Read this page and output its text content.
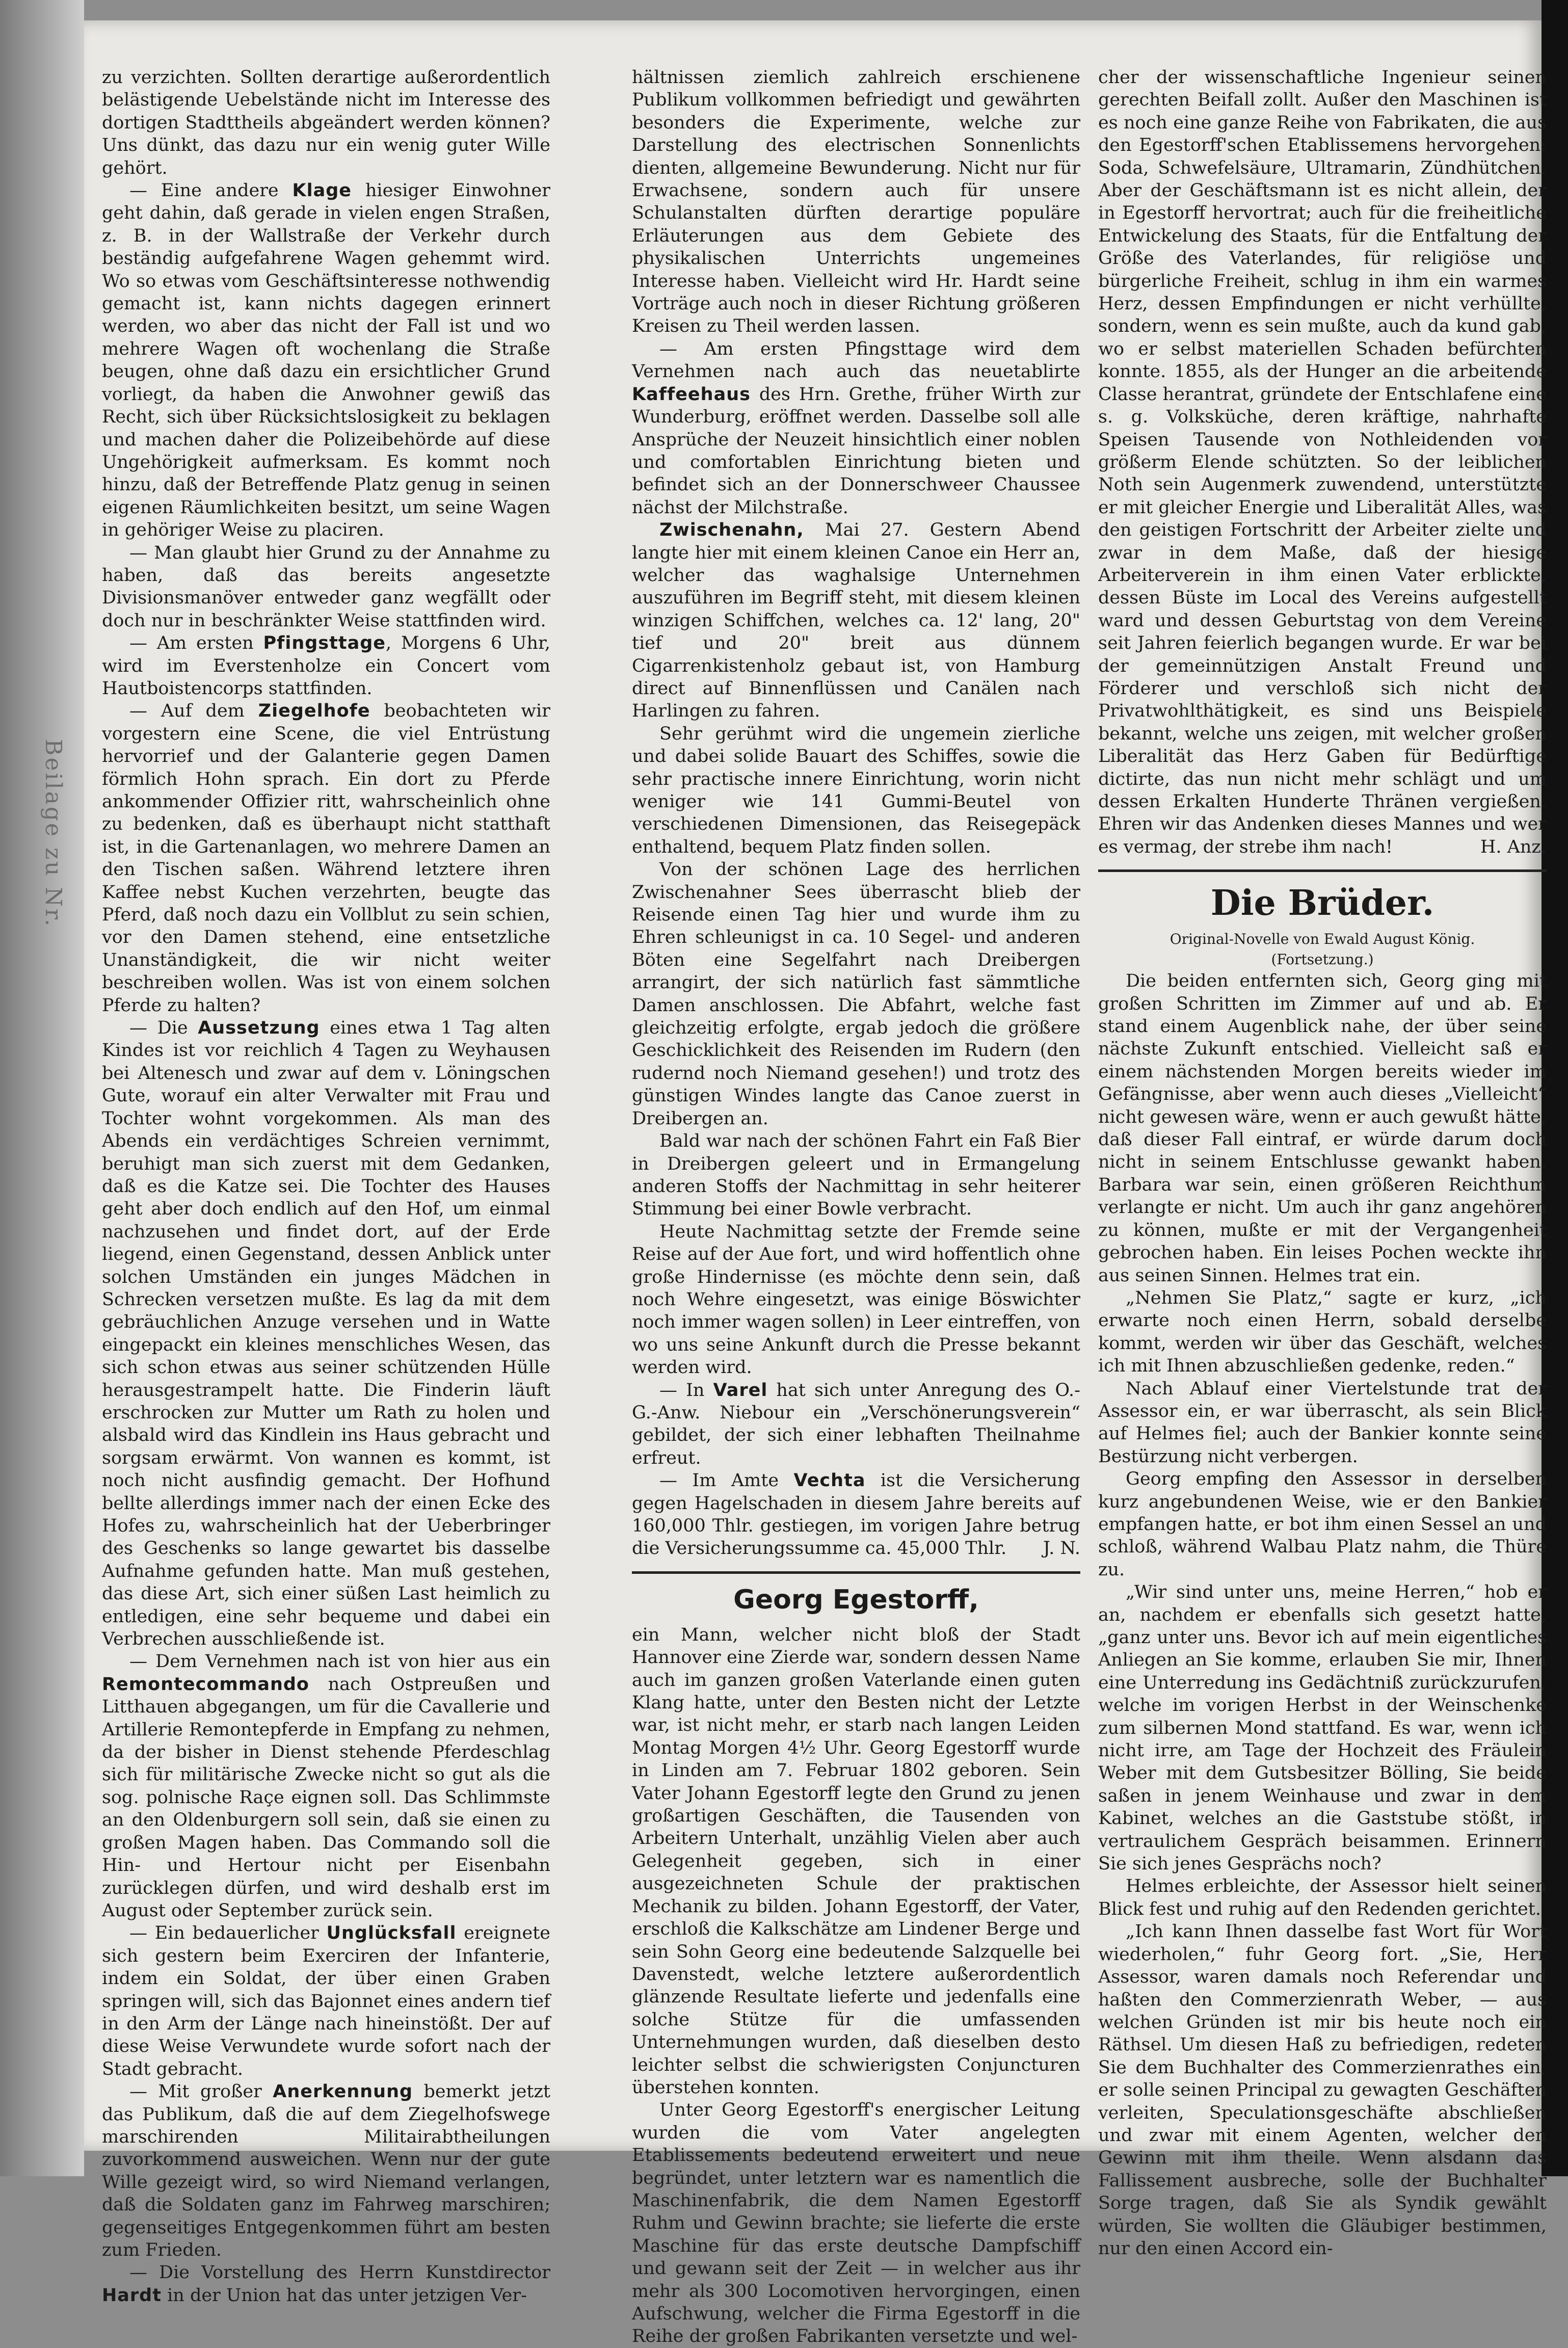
Beilage zu Nr.

zu verzichten. Sollten derartige außerordentlich belästigende Uebelstände nicht im Interesse des dortigen Stadttheils abgeändert werden können? Uns dünkt, das dazu nur ein wenig guter Wille gehört.

— Eine andere Klage hiesiger Einwohner geht dahin, daß gerade in vielen engen Straßen, z. B. in der Wallstraße der Verkehr durch beständig aufgefahrene Wagen gehemmt wird. Wo so etwas vom Geschäftsinteresse nothwendig gemacht ist, kann nichts dagegen erinnert werden, wo aber das nicht der Fall ist und wo mehrere Wagen oft wochenlang die Straße beugen, ohne daß dazu ein ersichtlicher Grund vorliegt, da haben die Anwohner gewiß das Recht, sich über Rücksichtslosigkeit zu beklagen und machen daher die Polizeibehörde auf diese Ungehörigkeit aufmerksam. Es kommt noch hinzu, daß der Betreffende Platz genug in seinen eigenen Räumlichkeiten besitzt, um seine Wagen in gehöriger Weise zu placiren.

— Man glaubt hier Grund zu der Annahme zu haben, daß das bereits angesetzte Divisionsmanöver entweder ganz wegfällt oder doch nur in beschränkter Weise stattfinden wird.

— Am ersten Pfingsttage, Morgens 6 Uhr, wird im Everstenholze ein Concert vom Hautboistencorps stattfinden.

— Auf dem Ziegelhofe beobachteten wir vorgestern eine Scene, die viel Entrüstung hervorrief und der Galanterie gegen Damen förmlich Hohn sprach. Ein dort zu Pferde ankommender Offizier ritt, wahrscheinlich ohne zu bedenken, daß es überhaupt nicht statthaft ist, in die Gartenanlagen, wo mehrere Damen an den Tischen saßen. Während letztere ihren Kaffee nebst Kuchen verzehrten, beugte das Pferd, daß noch dazu ein Vollblut zu sein schien, vor den Damen stehend, eine entsetzliche Unanständigkeit, die wir nicht weiter beschreiben wollen. Was ist von einem solchen Pferde zu halten?

— Die Aussetzung eines etwa 1 Tag alten Kindes ist vor reichlich 4 Tagen zu Weyhausen bei Altenesch und zwar auf dem v. Löningschen Gute, worauf ein alter Verwalter mit Frau und Tochter wohnt vorgekommen. Als man des Abends ein verdächtiges Schreien vernimmt, beruhigt man sich zuerst mit dem Gedanken, daß es die Katze sei. Die Tochter des Hauses geht aber doch endlich auf den Hof, um einmal nachzusehen und findet dort, auf der Erde liegend, einen Gegenstand, dessen Anblick unter solchen Umständen ein junges Mädchen in Schrecken versetzen mußte. Es lag da mit dem gebräuchlichen Anzuge versehen und in Watte eingepackt ein kleines menschliches Wesen, das sich schon etwas aus seiner schützenden Hülle herausgestrampelt hatte. Die Finderin läuft erschrocken zur Mutter um Rath zu holen und alsbald wird das Kindlein ins Haus gebracht und sorgsam erwärmt. Von wannen es kommt, ist noch nicht ausfindig gemacht. Der Hofhund bellte allerdings immer nach der einen Ecke des Hofes zu, wahrscheinlich hat der Ueberbringer des Geschenks so lange gewartet bis dasselbe Aufnahme gefunden hatte. Man muß gestehen, das diese Art, sich einer süßen Last heimlich zu entledigen, eine sehr bequeme und dabei ein Verbrechen ausschließende ist.

— Dem Vernehmen nach ist von hier aus ein Remontecommando nach Ostpreußen und Litthauen abgegangen, um für die Cavallerie und Artillerie Remontepferde in Empfang zu nehmen, da der bisher in Dienst stehende Pferdeschlag sich für militärische Zwecke nicht so gut als die sog. polnische Raçe eignen soll. Das Schlimmste an den Oldenburgern soll sein, daß sie einen zu großen Magen haben. Das Commando soll die Hin- und Hertour nicht per Eisenbahn zurücklegen dürfen, und wird deshalb erst im August oder September zurück sein.

— Ein bedauerlicher Unglücksfall ereignete sich gestern beim Exerciren der Infanterie, indem ein Soldat, der über einen Graben springen will, sich das Bajonnet eines andern tief in den Arm der Länge nach hineinstößt. Der auf diese Weise Verwundete wurde sofort nach der Stadt gebracht.

— Mit großer Anerkennung bemerkt jetzt das Publikum, daß die auf dem Ziegelhofswege marschirenden Militairabtheilungen zuvorkommend ausweichen. Wenn nur der gute Wille gezeigt wird, so wird Niemand verlangen, daß die Soldaten ganz im Fahrweg marschiren; gegenseitiges Entgegenkommen führt am besten zum Frieden.

— Die Vorstellung des Herrn Kunstdirector Hardt in der Union hat das unter jetzigen Ver-

hältnissen ziemlich zahlreich erschienene Publikum vollkommen befriedigt und gewährten besonders die Experimente, welche zur Darstellung des electrischen Sonnenlichts dienten, allgemeine Bewunderung. Nicht nur für Erwachsene, sondern auch für unsere Schulanstalten dürften derartige populäre Erläuterungen aus dem Gebiete des physikalischen Unterrichts ungemeines Interesse haben. Vielleicht wird Hr. Hardt seine Vorträge auch noch in dieser Richtung größeren Kreisen zu Theil werden lassen.

— Am ersten Pfingsttage wird dem Vernehmen nach auch das neuetablirte Kaffeehaus des Hrn. Grethe, früher Wirth zur Wunderburg, eröffnet werden. Dasselbe soll alle Ansprüche der Neuzeit hinsichtlich einer noblen und comfortablen Einrichtung bieten und befindet sich an der Donnerschweer Chaussee nächst der Milchstraße.

Zwischenahn, Mai 27. Gestern Abend langte hier mit einem kleinen Canoe ein Herr an, welcher das waghalsige Unternehmen auszuführen im Begriff steht, mit diesem kleinen winzigen Schiffchen, welches ca. 12' lang, 20" tief und 20" breit aus dünnem Cigarrenkistenholz gebaut ist, von Hamburg direct auf Binnenflüssen und Canälen nach Harlingen zu fahren.

Sehr gerühmt wird die ungemein zierliche und dabei solide Bauart des Schiffes, sowie die sehr practische innere Einrichtung, worin nicht weniger wie 141 Gummi-Beutel von verschiedenen Dimensionen, das Reisegepäck enthaltend, bequem Platz finden sollen.

Von der schönen Lage des herrlichen Zwischenahner Sees überrascht blieb der Reisende einen Tag hier und wurde ihm zu Ehren schleunigst in ca. 10 Segel- und anderen Böten eine Segelfahrt nach Dreibergen arrangirt, der sich natürlich fast sämmtliche Damen anschlossen. Die Abfahrt, welche fast gleichzeitig erfolgte, ergab jedoch die größere Geschicklichkeit des Reisenden im Rudern (den rudernd noch Niemand gesehen!) und trotz des günstigen Windes langte das Canoe zuerst in Dreibergen an.

Bald war nach der schönen Fahrt ein Faß Bier in Dreibergen geleert und in Ermangelung anderen Stoffs der Nachmittag in sehr heiterer Stimmung bei einer Bowle verbracht.

Heute Nachmittag setzte der Fremde seine Reise auf der Aue fort, und wird hoffentlich ohne große Hindernisse (es möchte denn sein, daß noch Wehre eingesetzt, was einige Böswichter noch immer wagen sollen) in Leer eintreffen, von wo uns seine Ankunft durch die Presse bekannt werden wird.

— In Varel hat sich unter Anregung des O.-G.-Anw. Niebour ein „Verschönerungsverein“ gebildet, der sich einer lebhaften Theilnahme erfreut.

— Im Amte Vechta ist die Versicherung gegen Hagelschaden in diesem Jahre bereits auf 160,000 Thlr. gestiegen, im vorigen Jahre betrug die Versicherungssumme ca. 45,000 Thlr.	J. N.

Georg Egestorff,

ein Mann, welcher nicht bloß der Stadt Hannover eine Zierde war, sondern dessen Name auch im ganzen großen Vaterlande einen guten Klang hatte, unter den Besten nicht der Letzte war, ist nicht mehr, er starb nach langen Leiden Montag Morgen 4½ Uhr. Georg Egestorff wurde in Linden am 7. Februar 1802 geboren. Sein Vater Johann Egestorff legte den Grund zu jenen großartigen Geschäften, die Tausenden von Arbeitern Unterhalt, unzählig Vielen aber auch Gelegenheit gegeben, sich in einer ausgezeichneten Schule der praktischen Mechanik zu bilden. Johann Egestorff, der Vater, erschloß die Kalkschätze am Lindener Berge und sein Sohn Georg eine bedeutende Salzquelle bei Davenstedt, welche letztere außerordentlich glänzende Resultate lieferte und jedenfalls eine solche Stütze für die umfassenden Unternehmungen wurden, daß dieselben desto leichter selbst die schwierigsten Conjuncturen überstehen konnten.

Unter Georg Egestorff's energischer Leitung wurden die vom Vater angelegten Etablissements bedeutend erweitert und neue begründet, unter letztern war es namentlich die Maschinenfabrik, die dem Namen Egestorff Ruhm und Gewinn brachte; sie lieferte die erste Maschine für das erste deutsche Dampfschiff und gewann seit der Zeit — in welcher aus ihr mehr als 300 Locomotiven hervorgingen, einen Aufschwung, welcher die Firma Egestorff in die Reihe der großen Fabrikanten versetzte und wel-

cher der wissenschaftliche Ingenieur seinen gerechten Beifall zollt. Außer den Maschinen ist es noch eine ganze Reihe von Fabrikaten, die aus den Egestorff'schen Etablissemens hervorgehen: Soda, Schwefelsäure, Ultramarin, Zündhütchen. Aber der Geschäftsmann ist es nicht allein, der in Egestorff hervortrat; auch für die freiheitliche Entwickelung des Staats, für die Entfaltung der Größe des Vaterlandes, für religiöse und bürgerliche Freiheit, schlug in ihm ein warmes Herz, dessen Empfindungen er nicht verhüllte, sondern, wenn es sein mußte, auch da kund gab, wo er selbst materiellen Schaden befürchten konnte. 1855, als der Hunger an die arbeitende Classe herantrat, gründete der Entschlafene eine s. g. Volksküche, deren kräftige, nahrhafte Speisen Tausende von Nothleidenden vor größerm Elende schützten. So der leiblichen Noth sein Augenmerk zuwendend, unterstützte er mit gleicher Energie und Liberalität Alles, was den geistigen Fortschritt der Arbeiter zielte und zwar in dem Maße, daß der hiesige Arbeiterverein in ihm einen Vater erblickte, dessen Büste im Local des Vereins aufgestellt ward und dessen Geburtstag von dem Vereine seit Jahren feierlich begangen wurde. Er war bei der gemeinnützigen Anstalt Freund und Förderer und verschloß sich nicht der Privatwohlthätigkeit, es sind uns Beispiele bekannt, welche uns zeigen, mit welcher großen Liberalität das Herz Gaben für Bedürftige dictirte, das nun nicht mehr schlägt und um dessen Erkalten Hunderte Thränen vergießen. Ehren wir das Andenken dieses Mannes und wer es vermag, der strebe ihm nach!	H. Anz.

Die Brüder.
Original-Novelle von Ewald August König.
(Fortsetzung.)

Die beiden entfernten sich, Georg ging mit großen Schritten im Zimmer auf und ab. Er stand einem Augenblick nahe, der über seine nächste Zukunft entschied. Vielleicht saß er einem nächstenden Morgen bereits wieder im Gefängnisse, aber wenn auch dieses „Vielleicht“ nicht gewesen wäre, wenn er auch gewußt hätte, daß dieser Fall eintraf, er würde darum doch nicht in seinem Entschlusse gewankt haben. Barbara war sein, einen größeren Reichthum verlangte er nicht. Um auch ihr ganz angehören zu können, mußte er mit der Vergangenheit gebrochen haben. Ein leises Pochen weckte ihn aus seinen Sinnen. Helmes trat ein.

„Nehmen Sie Platz,“ sagte er kurz, „ich erwarte noch einen Herrn, sobald derselbe kommt, werden wir über das Geschäft, welches ich mit Ihnen abzuschließen gedenke, reden.“

Nach Ablauf einer Viertelstunde trat der Assessor ein, er war überrascht, als sein Blick auf Helmes fiel; auch der Bankier konnte seine Bestürzung nicht verbergen.

Georg empfing den Assessor in derselben kurz angebundenen Weise, wie er den Bankier empfangen hatte, er bot ihm einen Sessel an und schloß, während Walbau Platz nahm, die Thüre zu.

„Wir sind unter uns, meine Herren,“ hob er an, nachdem er ebenfalls sich gesetzt hatte, „ganz unter uns. Bevor ich auf mein eigentliches Anliegen an Sie komme, erlauben Sie mir, Ihnen eine Unterredung ins Gedächtniß zurückzurufen, welche im vorigen Herbst in der Weinschenke zum silbernen Mond stattfand. Es war, wenn ich nicht irre, am Tage der Hochzeit des Fräulein Weber mit dem Gutsbesitzer Bölling, Sie beide saßen in jenem Weinhause und zwar in dem Kabinet, welches an die Gaststube stößt, in vertraulichem Gespräch beisammen. Erinnern Sie sich jenes Gesprächs noch?

Helmes erbleichte, der Assessor hielt seinen Blick fest und ruhig auf den Redenden gerichtet.

„Ich kann Ihnen dasselbe fast Wort für Wort wiederholen,“ fuhr Georg fort. „Sie, Herr Assessor, waren damals noch Referendar und haßten den Commerzienrath Weber, — aus welchen Gründen ist mir bis heute noch ein Räthsel. Um diesen Haß zu befriedigen, redeten Sie dem Buchhalter des Commerzienrathes ein, er solle seinen Principal zu gewagten Geschäften verleiten, Speculationsgeschäfte abschließen und zwar mit einem Agenten, welcher den Gewinn mit ihm theile. Wenn alsdann das Fallissement ausbreche, solle der Buchhalter Sorge tragen, daß Sie als Syndik gewählt würden, Sie wollten die Gläubiger bestimmen, nur den einen Accord ein-
